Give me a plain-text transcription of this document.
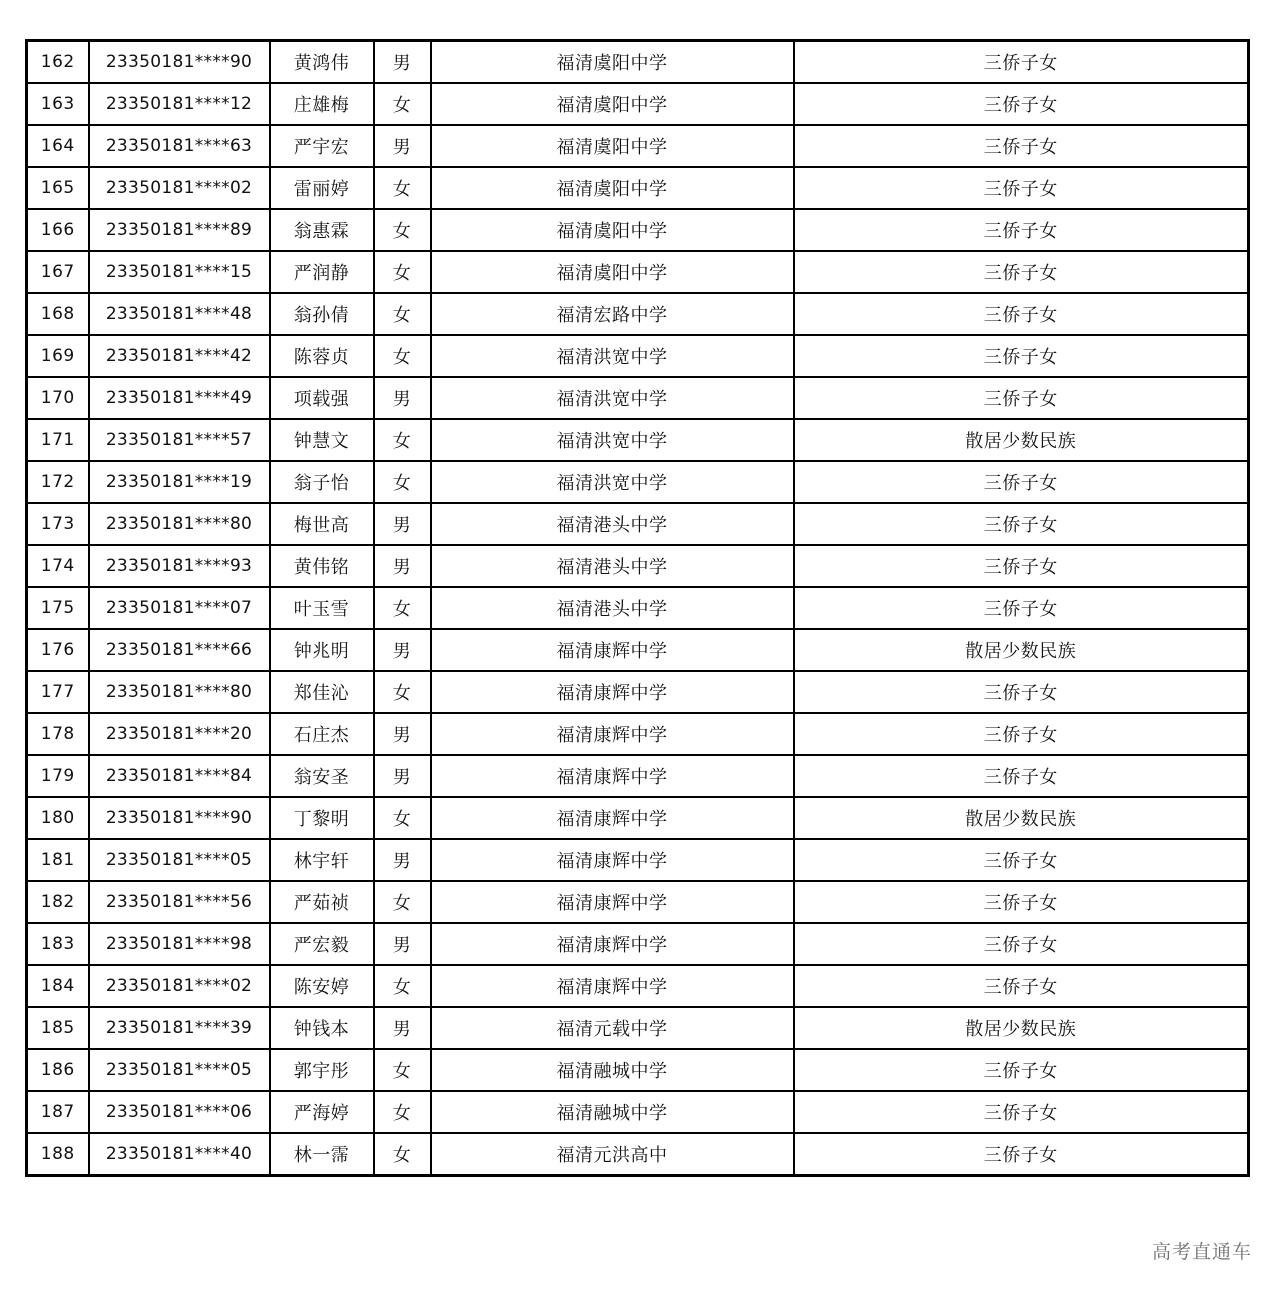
162	23350181****90	黄鸿伟	男	福清虞阳中学	三侨子女
163	23350181****12	庄雄梅	女	福清虞阳中学	三侨子女
164	23350181****63	严宇宏	男	福清虞阳中学	三侨子女
165	23350181****02	雷丽婷	女	福清虞阳中学	三侨子女
166	23350181****89	翁惠霖	女	福清虞阳中学	三侨子女
167	23350181****15	严润静	女	福清虞阳中学	三侨子女
168	23350181****48	翁孙倩	女	福清宏路中学	三侨子女
169	23350181****42	陈蓉贞	女	福清洪宽中学	三侨子女
170	23350181****49	项载强	男	福清洪宽中学	三侨子女
171	23350181****57	钟慧文	女	福清洪宽中学	散居少数民族
172	23350181****19	翁子怡	女	福清洪宽中学	三侨子女
173	23350181****80	梅世高	男	福清港头中学	三侨子女
174	23350181****93	黄伟铭	男	福清港头中学	三侨子女
175	23350181****07	叶玉雪	女	福清港头中学	三侨子女
176	23350181****66	钟兆明	男	福清康辉中学	散居少数民族
177	23350181****80	郑佳沁	女	福清康辉中学	三侨子女
178	23350181****20	石庄杰	男	福清康辉中学	三侨子女
179	23350181****84	翁安圣	男	福清康辉中学	三侨子女
180	23350181****90	丁黎明	女	福清康辉中学	散居少数民族
181	23350181****05	林宇轩	男	福清康辉中学	三侨子女
182	23350181****56	严茹祯	女	福清康辉中学	三侨子女
183	23350181****98	严宏毅	男	福清康辉中学	三侨子女
184	23350181****02	陈安婷	女	福清康辉中学	三侨子女
185	23350181****39	钟钱本	男	福清元载中学	散居少数民族
186	23350181****05	郭宇彤	女	福清融城中学	三侨子女
187	23350181****06	严海婷	女	福清融城中学	三侨子女
188	23350181****40	林一霈	女	福清元洪高中	三侨子女
高考直通车
